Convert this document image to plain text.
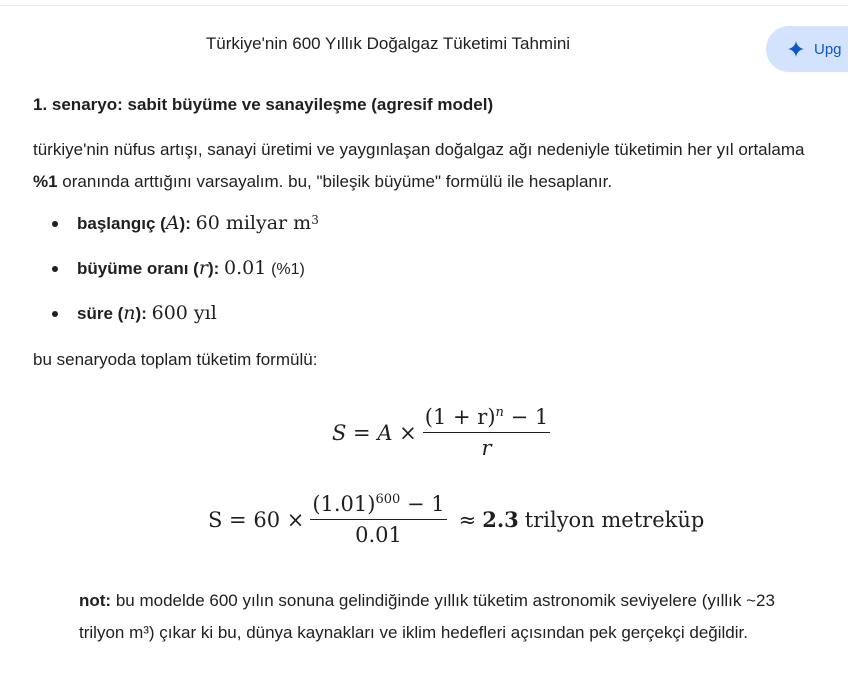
Türkiye'nin 600 Yıllık Doğalgaz Tüketimi Tahmini	Upg
1. senaryo: sabit büyüme ve sanayileşme (agresif model)
türkiye'nin nüfus artışı, sanayi üretimi ve yaygınlaşan doğalgaz ağı nedeniyle tüketimin her yıl ortalama %1 oranında arttığını varsayalım. bu, "bileşik büyüme" formülü ile hesaplanır.
başlangıç (A): 60 milyar $m^3$
büyüme oranı (r): 0.01 (%1)
süre (n): 600 yıl
bu senaryoda toplam tüketim formülü:
$S = A \times \frac{(1 + r)^n - 1}{r}$
$S = 60 \times \frac{(1.01)^{600} - 1}{0.01} \approx 2.3$ trilyon metreküp
not: bu modelde 600 yılın sonuna gelindiğinde yıllık tüketim astronomik seviyelere (yıllık ~23 trilyon m³) çıkar ki bu, dünya kaynakları ve iklim hedefleri açısından pek gerçekçi değildir.
